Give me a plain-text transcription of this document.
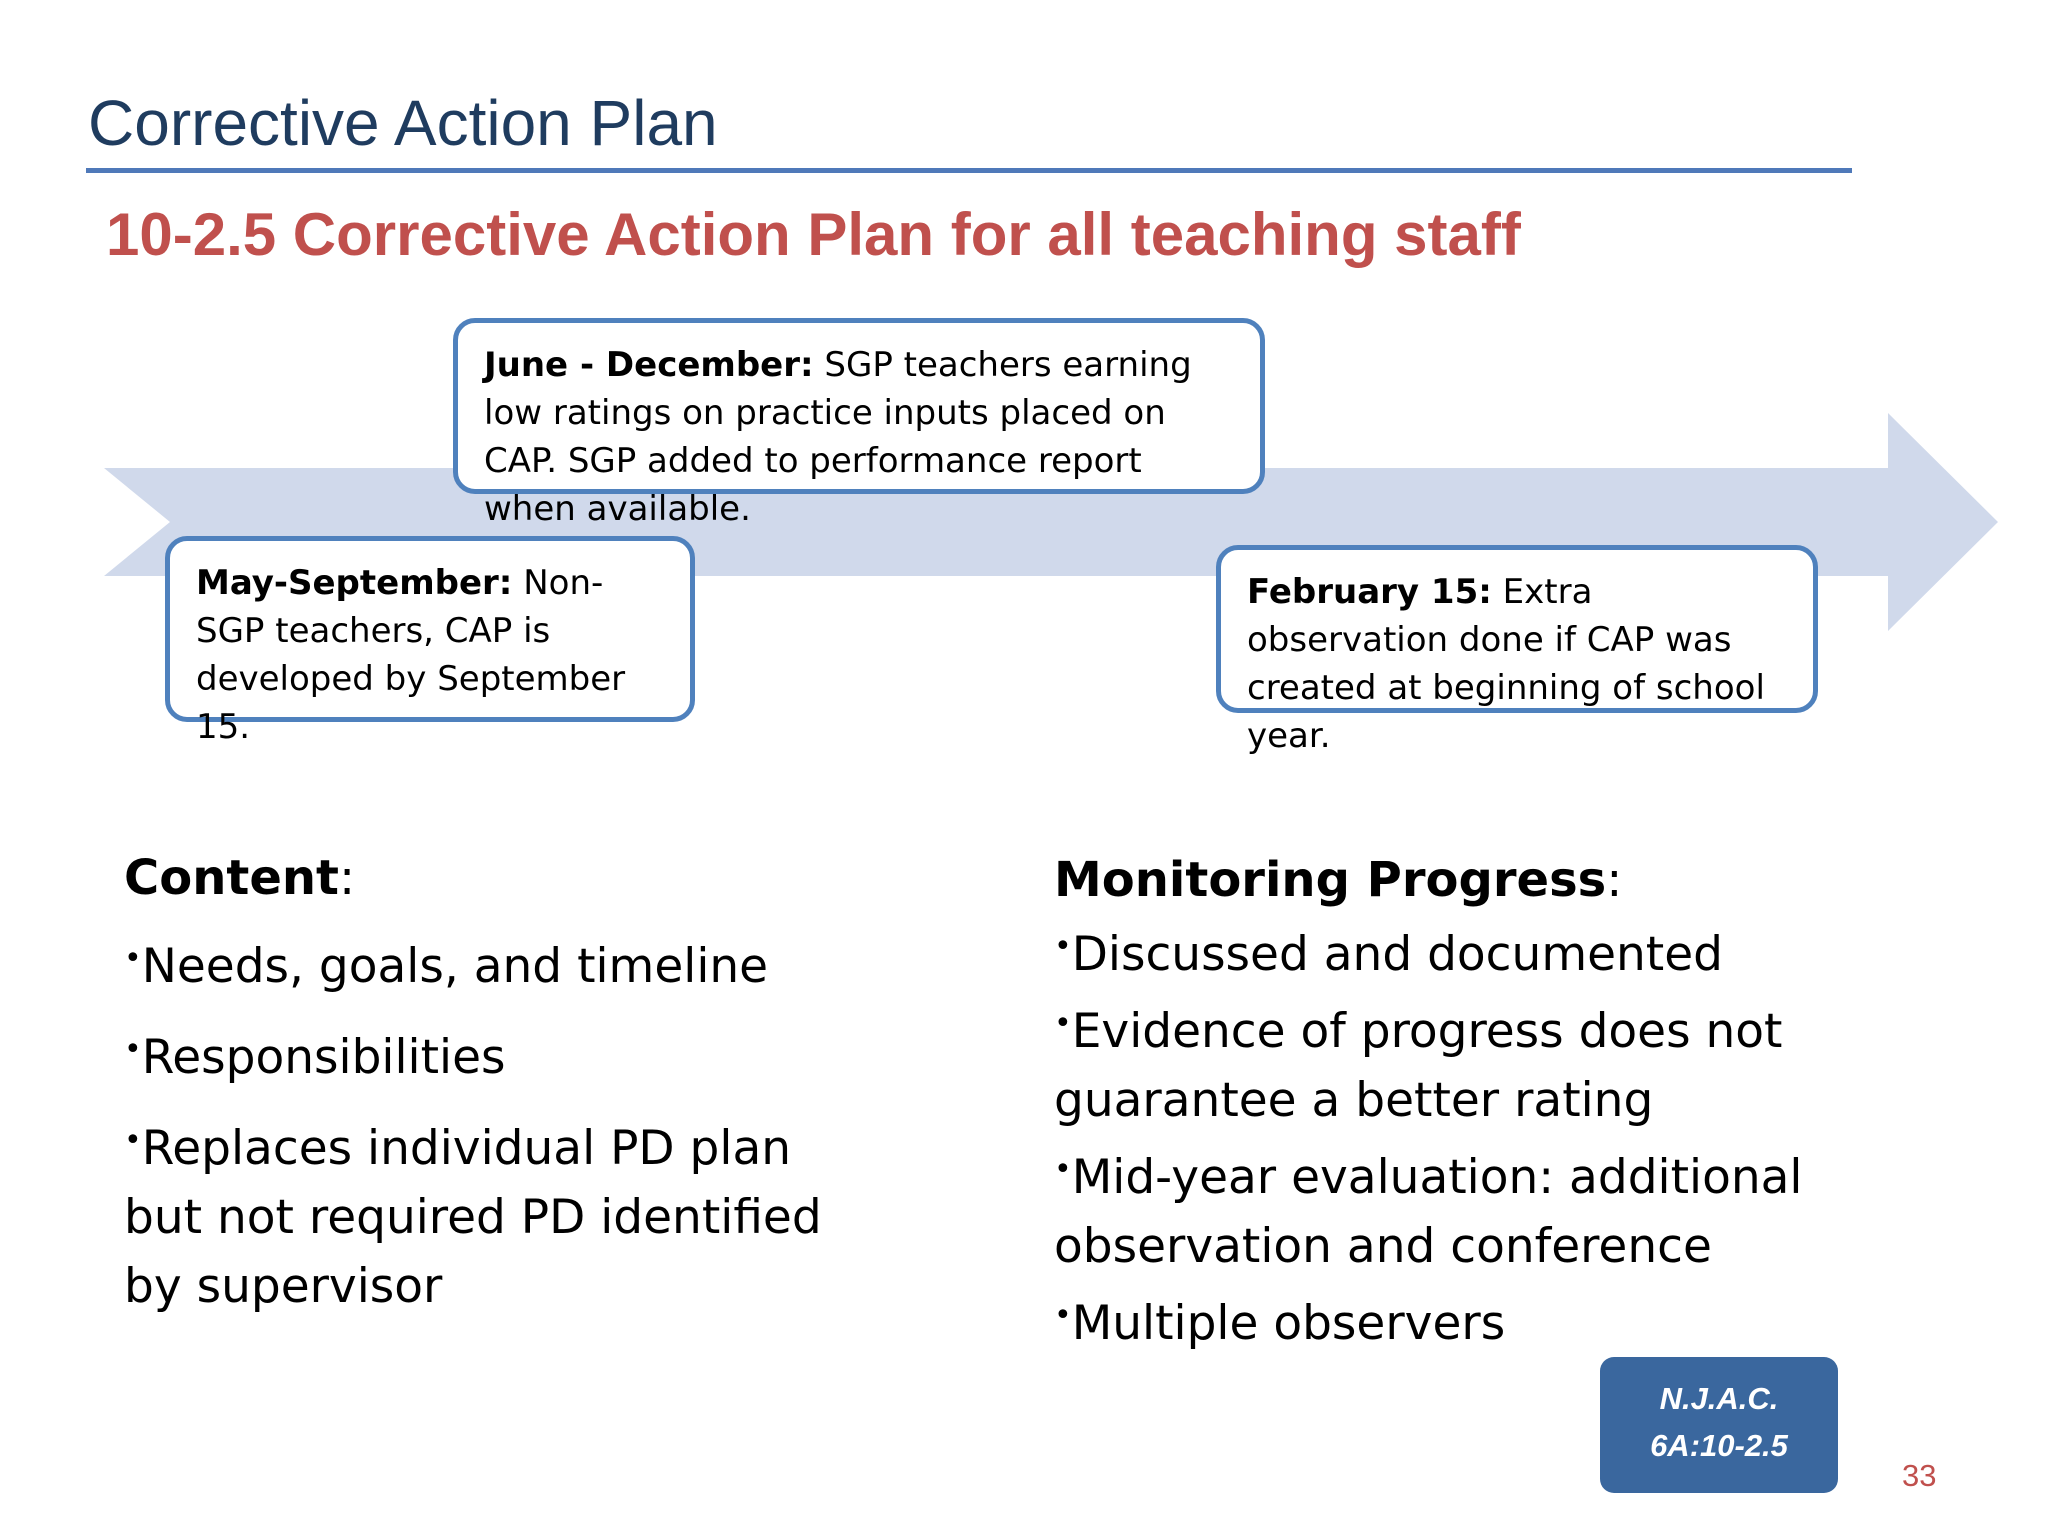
Corrective Action Plan
10-2.5 Corrective Action Plan for all teaching staff
June - December: SGP teachers earning low ratings on practice inputs placed on CAP. SGP added to performance report when available.
May-September: Non-SGP teachers, CAP is developed by September 15.
February 15: Extra observation done if CAP was created at beginning of school year.

Content:

•Needs, goals, and timeline

•Responsibilities

•Replaces individual PD plan but not required PD identified by supervisor

Monitoring Progress:

•Discussed and documented

•Evidence of progress does not guarantee a better rating

•Mid-year evaluation: additional observation and conference

•Multiple observers

N.J.A.C.
6A:10-2.5
33
